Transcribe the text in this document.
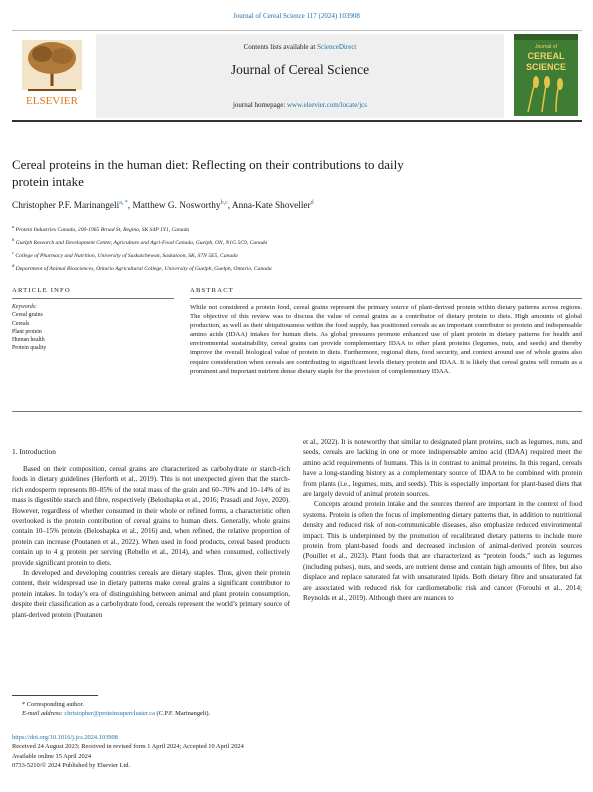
Journal of Cereal Science 117 (2024) 103908
ELSEVIER
Contents lists available at ScienceDirect
Journal of Cereal Science
journal homepage: www.elsevier.com/locate/jcs
Journal of
CEREAL
SCIENCE
Cereal proteins in the human diet: Reflecting on their contributions to daily
protein intake
Christopher P.F. Marinangeli$^{a, *}$, Matthew G. Nosworthy$^{b,c}$, Anna-Kate Shoveller$^d$
$^a$ Protein Industries Canada, 200-1965 Broad St, Regina, SK S4P 1Y1, Canada
$^b$ Guelph Research and Development Center, Agriculture and Agri-Food Canada, Guelph, ON, N1G 5C9, Canada
$^c$ College of Pharmacy and Nutrition, University of Saskatchewan, Saskatoon, SK, S7N 5E5, Canada
$^d$ Department of Animal Biosciences, Ontario Agricultural College, University of Guelph, Guelph, Ontario, Canada
ARTICLE INFO	ABSTRACT
Keywords:
Cereal grains
Cereals
Plant protein
Human health
Protein quality
While not considered a protein food, cereal grains represent the primary source of plant-derived protein within dietary patterns across regions. The objective of this review was to discuss the value of cereal grains as a contributor of dietary protein to diets. High amounts of global production, as well as their ubiquitousness within the food supply, has positioned cereals as an important contributor to protein and indispensable amino acids (IDAA) intakes for human diets. As global pressures promote enhanced use of plant protein in dietary patterns for health and environmental sustainability, cereal grains can provide complementary IDAA to other plant proteins (legumes, nuts, and seeds) and thereby improve the overall biological value of protein in diets. Furthermore, regional diets, food security, and context around use of whole grains also require consideration when cereals are contributing to significant levels dietary protein and IDAA. It is likely that cereal grains will remain as a prominent and important nutrient dense dietary staple for the provision of complementary IDAA.
1. Introduction

Based on their composition, cereal grains are characterized as carbohydrate or starch-rich foods in dietary guidelines (Herforth et al., 2019). This is not unexpected given that the starch-rich endosperm represents 80–85% of the total mass of the grain and 60–70% and 10–14% of its mass is digestible starch and fibre, respectively (Beloshapka et al., 2016; Prasadi and Joye, 2020). However, regardless of whether consumed in their whole or refined forms, a characteristic often overlooked is the protein contribution of cereal grains to human diets. Generally, whole grains contain 10–15% protein (Beloshapka et al., 2016) and, when refined, the relative proportion of protein can increase (Poutanen et al., 2022). When used in food products, cereal based products contain up to 4 g protein per serving (Rebello et al., 2014), and when consumed, collectively provide significant protein to diets.

In developed and developing countries cereals are dietary staples. Thus, given their protein content, their widespread use in dietary patterns make cereal grains a significant contributor to protein intakes. In today’s era of distinguishing between animal and plant protein consumption, despite their classification as a carbohydrate food, cereals represent the world’s primary source of plant-derived protein (Poutanen

et al., 2022). It is noteworthy that similar to designated plant proteins, such as legumes, nuts, and seeds, cereals are lacking in one or more indispensable amino acid (IDAA) required meet the amino acid requirements of humans. This is in contrast to animal proteins. In this regard, cereals have a long-standing history as a complementary source of IDAA to be combined with protein from plants (i.e., legumes, nuts, and seeds). This is especially important for plant-based diets that are largely devoid of animal protein sources.

Concepts around protein intake and the sources thereof are important in the context of food systems. Protein is often the focus of implementing dietary patterns that, in addition to nutritional density and reduced risk of non-communicable diseases, also emphasize reduced environmental impact. This is underpinned by the promotion of recalibrated dietary patterns to include more protein from plant-based foods and decreased inclusion of animal-derived protein sources (Pouillet et al., 2023). Plant foods that are characterized as “protein foods,” such as legumes (including pulses), nuts, and seeds, are nutrient dense and contain high amounts of fibre, but also displace and replace saturated fat with unsaturated lipids. Both dietary fibre and unsaturated fat are associated with reduced risk for cardiometabolic risk and cancer (Forouhi et al., 2014; Reynolds et al., 2019). Although there are nuances to

* Corresponding author.
E-mail address: christopher@proteinsupercluster.ca (C.P.F. Marinangeli).
https://doi.org/10.1016/j.jcs.2024.103908
Received 24 August 2023; Received in revised form 1 April 2024; Accepted 10 April 2024
Available online 15 April 2024
0733-5210/© 2024 Published by Elsevier Ltd.
